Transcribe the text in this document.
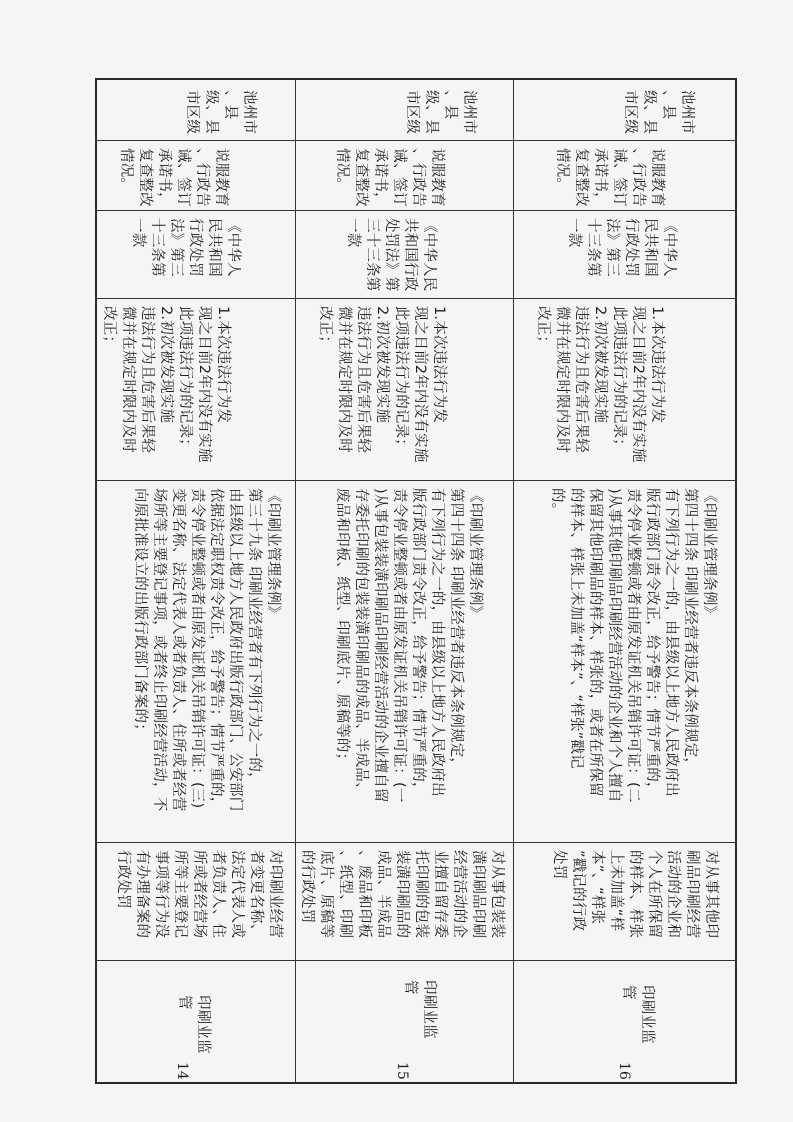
池州市
、县
级、县
市区级
说服教育
、行政告
诫、签订
承诺书，
复查整改
情况。
《中华人
民共和国
行政处罚
法》第三
十三条第
一款
1.本次违法行为发
现之日前2年内没有实施
此项违法行为的记录；
2.初次被发现实施
违法行为且危害后果轻
微并在规定时限内及时
改正；
《印刷业管理条例》
第三十九条 印刷业经营者有下列行为之一的，
由县级以上地方人民政府出版行政部门、公安部门
依据法定职权责令改正，给予警告；情节严重的，
责令停业整顿或者由原发证机关吊销许可证：(三)
变更名称、法定代表人或者负责人、住所或者经营
场所等主要登记事项，或者终止印刷经营活动，不
向原批准设立的出版行政部门备案的；
对印刷业经营
者变更名称、
法定代表人或
者负责人、住
所或者经营场
所等主要登记
事项等行为没
有办理备案的
行政处罚
印刷业监
管
14
池州市
、县
级、县
市区级
说服教育
、行政告
诫、签订
承诺书，
复查整改
情况。
《中华人民
共和国行政
处罚法》第
三十三条第
一款
1.本次违法行为发
现之日前2年内没有实施
此项违法行为的记录；
2.初次被发现实施
违法行为且危害后果轻
微并在规定时限内及时
改正；
《印刷业管理条例》
第四十四条 印刷业经营者违反本条例规定，
有下列行为之一的，由县级以上地方人民政府出
版行政部门责令改正，给予警告；情节严重的，
责令停业整顿或者由原发证机关吊销许可证：(一
)从事包装装潢印刷品印刷经营活动的企业擅自留
存委托印刷的包装装潢印刷品的成品、半成品、
废品和印板、纸型、印刷底片、原稿等的；
对从事包装装
潢印刷品印刷
经营活动的企
业擅自留存委
托印刷的包装
装潢印刷品的
成品、半成品
、废品和印板
、纸型、印刷
底片、原稿等
的行政处罚
印刷业监
管
15
池州市
、县
级、县
市区级
说服教育
、行政告
诫、签订
承诺书，
复查整改
情况。
《中华人
民共和国
行政处罚
法》第三
十三条第
一款
1.本次违法行为发
现之日前2年内没有实施
此项违法行为的记录；
2.初次被发现实施
违法行为且危害后果轻
微并在规定时限内及时
改正；
《印刷业管理条例》
第四十四条 印刷业经营者违反本条例规定，
有下列行为之一的，由县级以上地方人民政府出
版行政部门责令改正，给予警告；情节严重的，
责令停业整顿或者由原发证机关吊销许可证：(二
)从事其他印刷品印刷经营活动的企业和个人擅自
保留其他印刷品的样本、样张的，或者在所保留
的样本、样张上未加盖“样本”、“样张”戳记
的。
对从事其他印
刷品印刷经营
活动的企业和
个人在所保留
的样本、样张
上未加盖“样
本”、“样张
”戳记的行政
处罚
印刷业监
管
16
